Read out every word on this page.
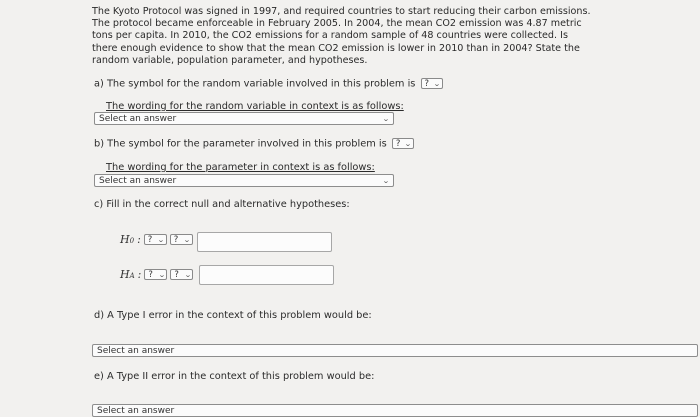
The Kyoto Protocol was signed in 1997, and required countries to start reducing their carbon emissions. The protocol became enforceable in February 2005. In 2004, the mean CO2 emission was 4.87 metric tons per capita. In 2010, the CO2 emissions for a random sample of 48 countries were collected. Is there enough evidence to show that the mean CO2 emission is lower in 2010 than in 2004? State the random variable, population parameter, and hypotheses.
a) The symbol for the random variable involved in this problem is ? ⌄
The wording for the random variable in context is as follows:
Select an answer	⌄
b) The symbol for the parameter involved in this problem is ? ⌄
The wording for the parameter in context is as follows:
Select an answer	⌄
c) Fill in the correct null and alternative hypotheses:
H0 : ? ⌄ ? ⌄
HA : ? ⌄ ? ⌄
d) A Type I error in the context of this problem would be:
Select an answer
e) A Type II error in the context of this problem would be:
Select an answer
